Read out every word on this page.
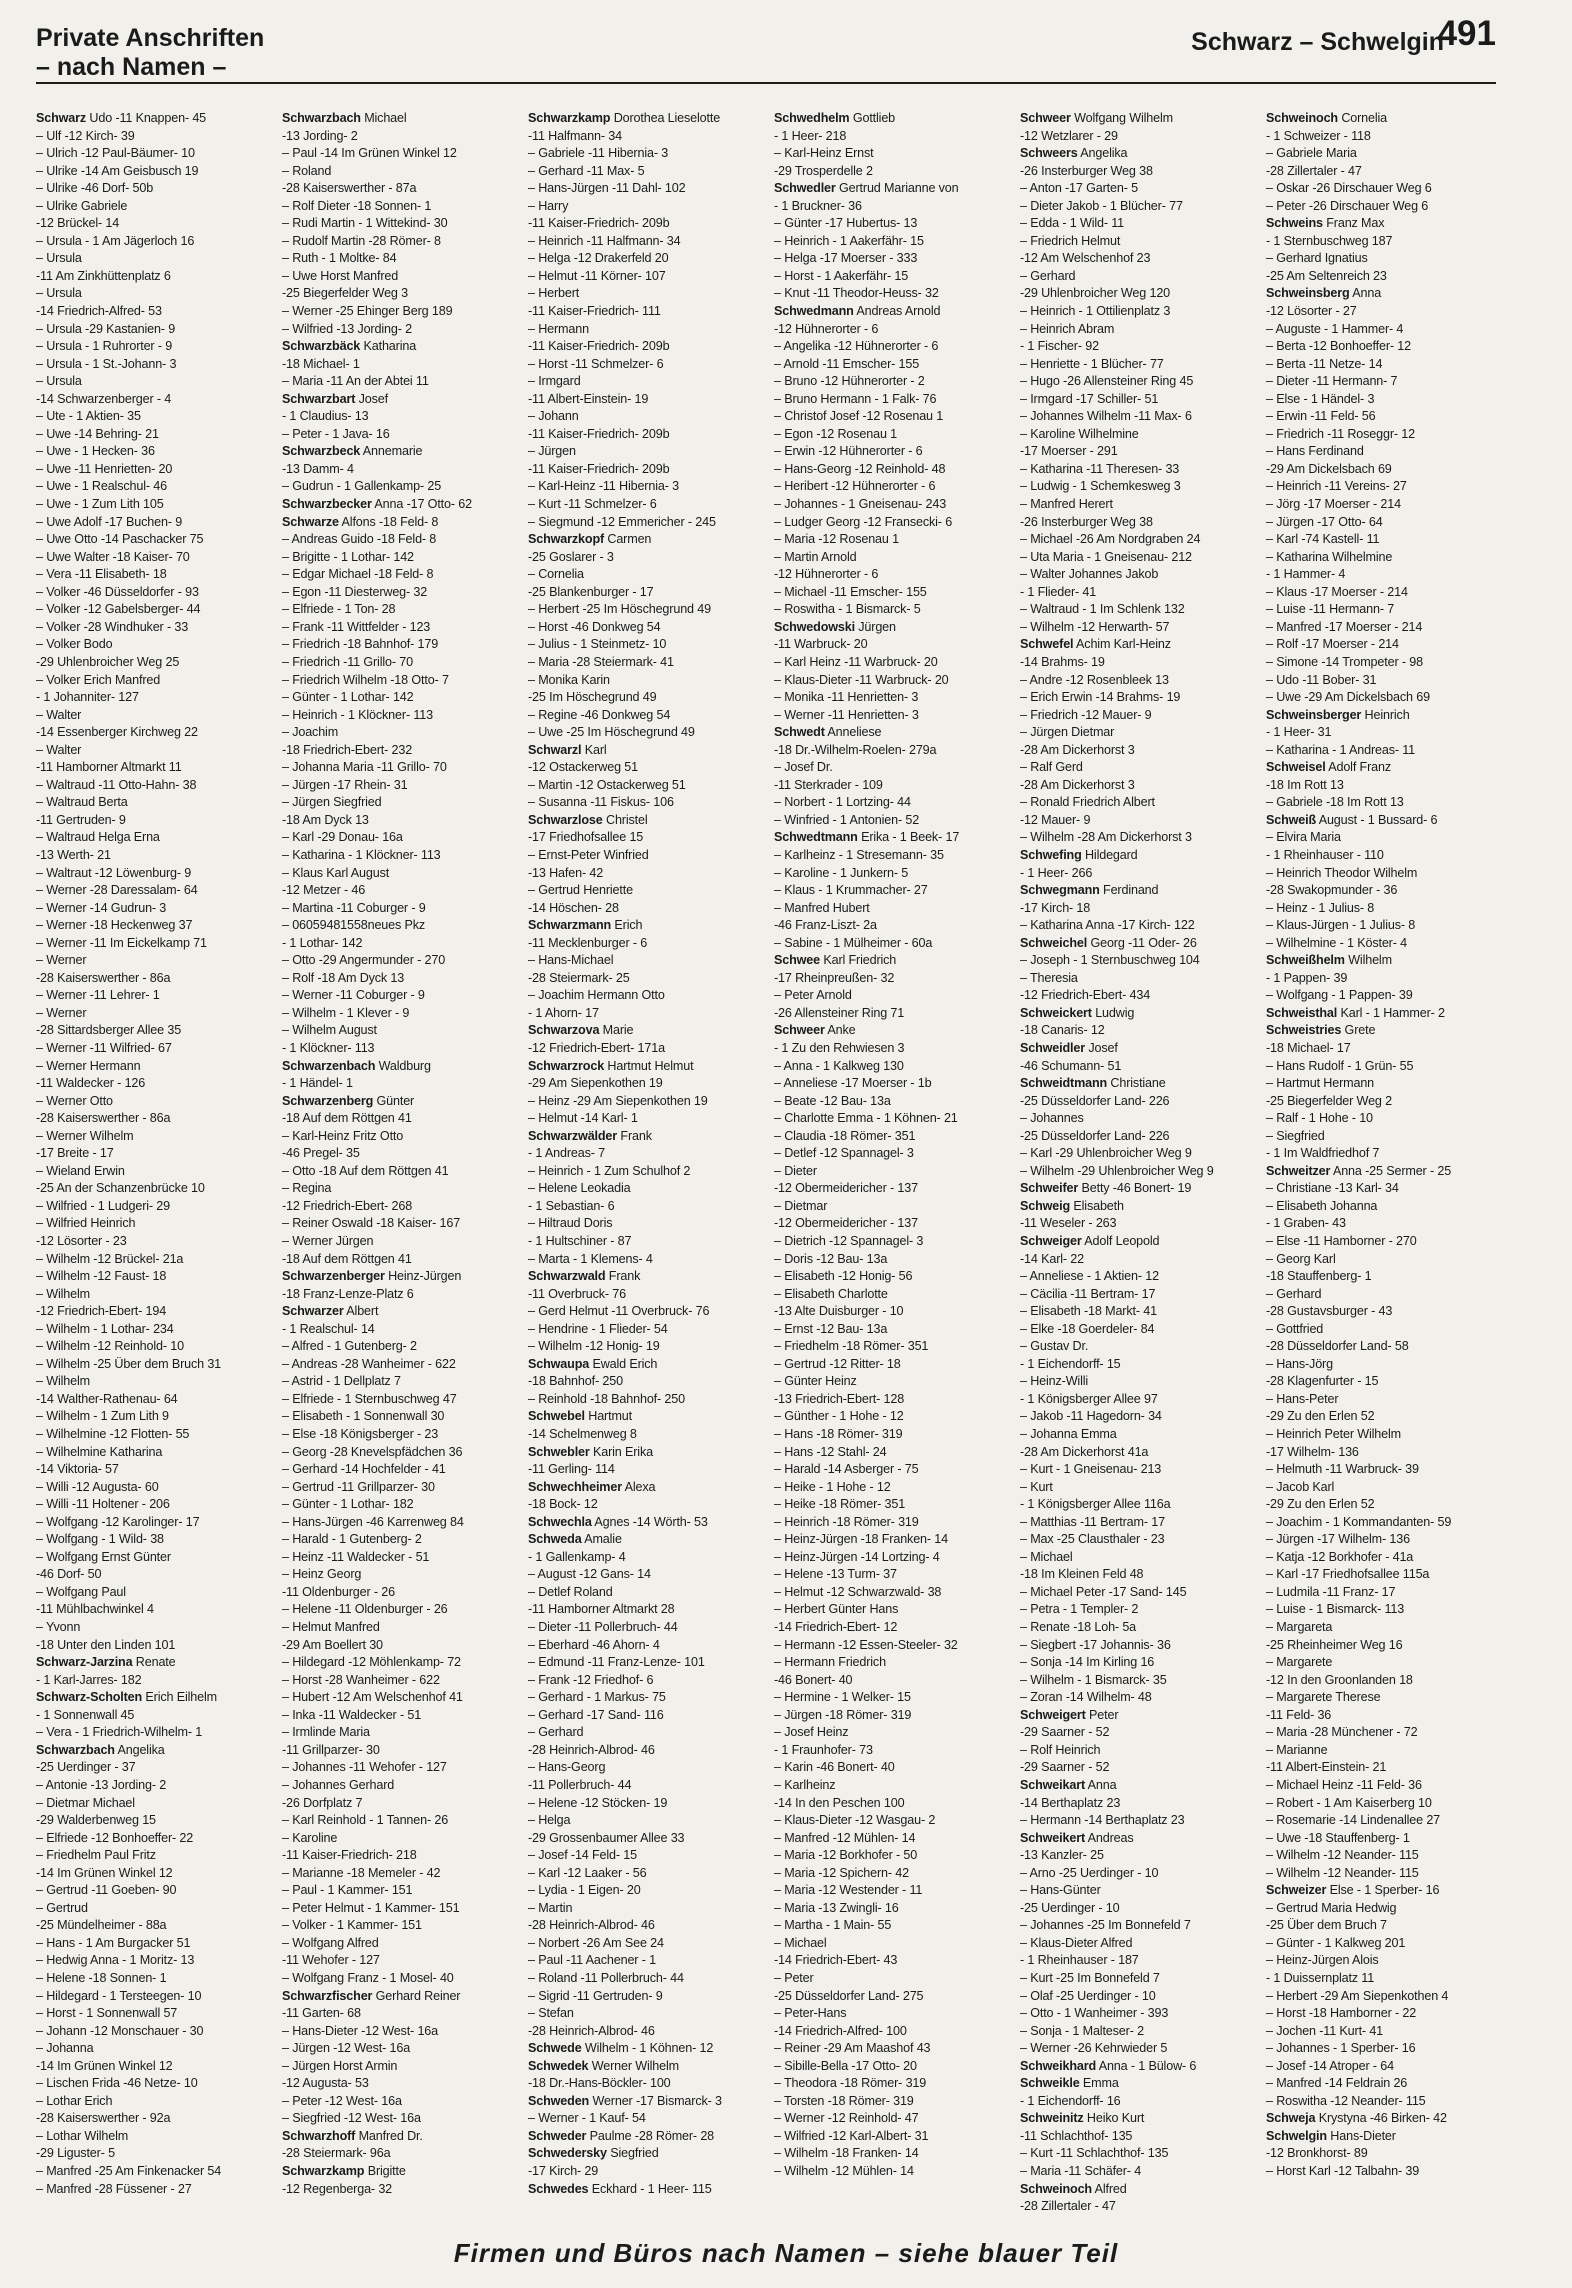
Private Anschriften
– nach Namen –
Schwarz – Schwelgin
491
Schwarz Udo -11 Knappen- 45
– Ulf -12 Kirch- 39
– Ulrich -12 Paul-Bäumer- 10
– Ulrike -14 Am Geisbusch 19
– Ulrike -46 Dorf- 50b
– Ulrike Gabriele
-12 Brückel- 14
– Ursula - 1 Am Jägerloch 16
– Ursula
-11 Am Zinkhüttenplatz 6
– Ursula
-14 Friedrich-Alfred- 53
– Ursula -29 Kastanien- 9
– Ursula - 1 Ruhrorter - 9
– Ursula - 1 St.-Johann- 3
– Ursula
-14 Schwarzenberger - 4
– Ute - 1 Aktien- 35
– Uwe -14 Behring- 21
– Uwe - 1 Hecken- 36
– Uwe -11 Henrietten- 20
– Uwe - 1 Realschul- 46
– Uwe - 1 Zum Lith 105
– Uwe Adolf -17 Buchen- 9
– Uwe Otto -14 Paschacker 75
– Uwe Walter -18 Kaiser- 70
– Vera -11 Elisabeth- 18
– Volker -46 Düsseldorfer - 93
– Volker -12 Gabelsberger- 44
– Volker -28 Windhuker - 33
– Volker Bodo
-29 Uhlenbroicher Weg 25
– Volker Erich Manfred
- 1 Johanniter- 127
– Walter
-14 Essenberger Kirchweg 22
– Walter
-11 Hamborner Altmarkt 11
– Waltraud -11 Otto-Hahn- 38
– Waltraud Berta
-11 Gertruden- 9
– Waltraud Helga Erna
-13 Werth- 21
– Waltraut -12 Löwenburg- 9
– Werner -28 Daressalam- 64
– Werner -14 Gudrun- 3
– Werner -18 Heckenweg 37
– Werner -11 Im Eickelkamp 71
– Werner
-28 Kaiserswerther - 86a
– Werner -11 Lehrer- 1
– Werner
-28 Sittardsberger Allee 35
– Werner -11 Wilfried- 67
– Werner Hermann
-11 Waldecker - 126
– Werner Otto
-28 Kaiserswerther - 86a
– Werner Wilhelm
-17 Breite - 17
– Wieland Erwin
-25 An der Schanzenbrücke 10
– Wilfried - 1 Ludgeri- 29
– Wilfried Heinrich
-12 Lösorter - 23
– Wilhelm -12 Brückel- 21a
– Wilhelm -12 Faust- 18
– Wilhelm
-12 Friedrich-Ebert- 194
– Wilhelm - 1 Lothar- 234
– Wilhelm -12 Reinhold- 10
– Wilhelm -25 Über dem Bruch 31
– Wilhelm
-14 Walther-Rathenau- 64
– Wilhelm - 1 Zum Lith 9
– Wilhelmine -12 Flotten- 55
– Wilhelmine Katharina
-14 Viktoria- 57
– Willi -12 Augusta- 60
– Willi -11 Holtener - 206
– Wolfgang -12 Karolinger- 17
– Wolfgang - 1 Wild- 38
– Wolfgang Ernst Günter
-46 Dorf- 50
– Wolfgang Paul
-11 Mühlbachwinkel 4
– Yvonn
-18 Unter den Linden 101
Schwarz-Jarzina Renate
- 1 Karl-Jarres- 182
Schwarz-Scholten Erich Eilhelm
- 1 Sonnenwall 45
– Vera - 1 Friedrich-Wilhelm- 1
Schwarzbach Angelika
-25 Uerdinger - 37
– Antonie -13 Jording- 2
– Dietmar Michael
-29 Walderbenweg 15
– Elfriede -12 Bonhoeffer- 22
– Friedhelm Paul Fritz
-14 Im Grünen Winkel 12
– Gertrud -11 Goeben- 90
– Gertrud
-25 Mündelheimer - 88a
– Hans - 1 Am Burgacker 51
– Hedwig Anna - 1 Moritz- 13
– Helene -18 Sonnen- 1
– Hildegard - 1 Tersteegen- 10
– Horst - 1 Sonnenwall 57
– Johann -12 Monschauer - 30
– Johanna
-14 Im Grünen Winkel 12
– Lischen Frida -46 Netze- 10
– Lothar Erich
-28 Kaiserswerther - 92a
– Lothar Wilhelm
-29 Liguster- 5
– Manfred -25 Am Finkenacker 54
– Manfred -28 Füssener - 27
Schwarzbach Michael
-13 Jording- 2
– Paul -14 Im Grünen Winkel 12
– Roland
-28 Kaiserswerther - 87a
– Rolf Dieter -18 Sonnen- 1
– Rudi Martin - 1 Wittekind- 30
– Rudolf Martin -28 Römer- 8
– Ruth - 1 Moltke- 84
– Uwe Horst Manfred
-25 Biegerfelder Weg 3
– Werner -25 Ehinger Berg 189
– Wilfried -13 Jording- 2
Schwarzbäck Katharina
-18 Michael- 1
– Maria -11 An der Abtei 11
Schwarzbart Josef
- 1 Claudius- 13
– Peter - 1 Java- 16
Schwarzbeck Annemarie
-13 Damm- 4
– Gudrun - 1 Gallenkamp- 25
Schwarzbecker Anna -17 Otto- 62
Schwarze Alfons -18 Feld- 8
– Andreas Guido -18 Feld- 8
– Brigitte - 1 Lothar- 142
– Edgar Michael -18 Feld- 8
– Egon -11 Diesterweg- 32
– Elfriede - 1 Ton- 28
– Frank -11 Wittfelder - 123
– Friedrich -18 Bahnhof- 179
– Friedrich -11 Grillo- 70
– Friedrich Wilhelm -18 Otto- 7
– Günter - 1 Lothar- 142
– Heinrich - 1 Klöckner- 113
– Joachim
-18 Friedrich-Ebert- 232
– Johanna Maria -11 Grillo- 70
– Jürgen -17 Rhein- 31
– Jürgen Siegfried
-18 Am Dyck 13
– Karl -29 Donau- 16a
– Katharina - 1 Klöckner- 113
– Klaus Karl August
-12 Metzer - 46
– Martina -11 Coburger - 9
– 06059481558neues Pkz
- 1 Lothar- 142
– Otto -29 Angermunder - 270
– Rolf -18 Am Dyck 13
– Werner -11 Coburger - 9
– Wilhelm - 1 Klever - 9
– Wilhelm August
- 1 Klöckner- 113
Schwarzenbach Waldburg
- 1 Händel- 1
Schwarzenberg Günter
-18 Auf dem Röttgen 41
– Karl-Heinz Fritz Otto
-46 Pregel- 35
– Otto -18 Auf dem Röttgen 41
– Regina
-12 Friedrich-Ebert- 268
– Reiner Oswald -18 Kaiser- 167
– Werner Jürgen
-18 Auf dem Röttgen 41
Schwarzenberger Heinz-Jürgen
-18 Franz-Lenze-Platz 6
Schwarzer Albert
- 1 Realschul- 14
– Alfred - 1 Gutenberg- 2
– Andreas -28 Wanheimer - 622
– Astrid - 1 Dellplatz 7
– Elfriede - 1 Sternbuschweg 47
– Elisabeth - 1 Sonnenwall 30
– Else -18 Königsberger - 23
– Georg -28 Knevelspfädchen 36
– Gerhard -14 Hochfelder - 41
– Gertrud -11 Grillparzer- 30
– Günter - 1 Lothar- 182
– Hans-Jürgen -46 Karrenweg 84
– Harald - 1 Gutenberg- 2
– Heinz -11 Waldecker - 51
– Heinz Georg
-11 Oldenburger - 26
– Helene -11 Oldenburger - 26
– Helmut Manfred
-29 Am Boellert 30
– Hildegard -12 Möhlenkamp- 72
– Horst -28 Wanheimer - 622
– Hubert -12 Am Welschenhof 41
– Inka -11 Waldecker - 51
– Irmlinde Maria
-11 Grillparzer- 30
– Johannes -11 Wehofer - 127
– Johannes Gerhard
-26 Dorfplatz 7
– Karl Reinhold - 1 Tannen- 26
– Karoline
-11 Kaiser-Friedrich- 218
– Marianne -18 Memeler - 42
– Paul - 1 Kammer- 151
– Peter Helmut - 1 Kammer- 151
– Volker - 1 Kammer- 151
– Wolfgang Alfred
-11 Wehofer - 127
– Wolfgang Franz - 1 Mosel- 40
Schwarzfischer Gerhard Reiner
-11 Garten- 68
– Hans-Dieter -12 West- 16a
– Jürgen -12 West- 16a
– Jürgen Horst Armin
-12 Augusta- 53
– Peter -12 West- 16a
– Siegfried -12 West- 16a
Schwarzhoff Manfred Dr.
-28 Steiermark- 96a
Schwarzkamp Brigitte
-12 Regenberga- 32
Schwarzkamp Dorothea Lieselotte
-11 Halfmann- 34
– Gabriele -11 Hibernia- 3
– Gerhard -11 Max- 5
– Hans-Jürgen -11 Dahl- 102
– Harry
-11 Kaiser-Friedrich- 209b
– Heinrich -11 Halfmann- 34
– Helga -12 Drakerfeld 20
– Helmut -11 Körner- 107
– Herbert
-11 Kaiser-Friedrich- 111
– Hermann
-11 Kaiser-Friedrich- 209b
– Horst -11 Schmelzer- 6
– Irmgard
-11 Albert-Einstein- 19
– Johann
-11 Kaiser-Friedrich- 209b
– Jürgen
-11 Kaiser-Friedrich- 209b
– Karl-Heinz -11 Hibernia- 3
– Kurt -11 Schmelzer- 6
– Siegmund -12 Emmericher - 245
Schwarzkopf Carmen
-25 Goslarer - 3
– Cornelia
-25 Blankenburger - 17
– Herbert -25 Im Höschegrund 49
– Horst -46 Donkweg 54
– Julius - 1 Steinmetz- 10
– Maria -28 Steiermark- 41
– Monika Karin
-25 Im Höschegrund 49
– Regine -46 Donkweg 54
– Uwe -25 Im Höschegrund 49
Schwarzl Karl
-12 Ostackerweg 51
– Martin -12 Ostackerweg 51
– Susanna -11 Fiskus- 106
Schwarzlose Christel
-17 Friedhofsallee 15
– Ernst-Peter Winfried
-13 Hafen- 42
– Gertrud Henriette
-14 Höschen- 28
Schwarzmann Erich
-11 Mecklenburger - 6
– Hans-Michael
-28 Steiermark- 25
– Joachim Hermann Otto
- 1 Ahorn- 17
Schwarzova Marie
-12 Friedrich-Ebert- 171a
Schwarzrock Hartmut Helmut
-29 Am Siepenkothen 19
– Heinz -29 Am Siepenkothen 19
– Helmut -14 Karl- 1
Schwarzwälder Frank
- 1 Andreas- 7
– Heinrich - 1 Zum Schulhof 2
– Helene Leokadia
- 1 Sebastian- 6
– Hiltraud Doris
- 1 Hultschiner - 87
– Marta - 1 Klemens- 4
Schwarzwald Frank
-11 Overbruck- 76
– Gerd Helmut -11 Overbruck- 76
– Hendrine - 1 Flieder- 54
– Wilhelm -12 Honig- 19
Schwaupa Ewald Erich
-18 Bahnhof- 250
– Reinhold -18 Bahnhof- 250
Schwebel Hartmut
-14 Schelmenweg 8
Schwebler Karin Erika
-11 Gerling- 114
Schwechheimer Alexa
-18 Bock- 12
Schwechla Agnes -14 Wörth- 53
Schweda Amalie
- 1 Gallenkamp- 4
– August -12 Gans- 14
– Detlef Roland
-11 Hamborner Altmarkt 28
– Dieter -11 Pollerbruch- 44
– Eberhard -46 Ahorn- 4
– Edmund -11 Franz-Lenze- 101
– Frank -12 Friedhof- 6
– Gerhard - 1 Markus- 75
– Gerhard -17 Sand- 116
– Gerhard
-28 Heinrich-Albrod- 46
– Hans-Georg
-11 Pollerbruch- 44
– Helene -12 Stöcken- 19
– Helga
-29 Grossenbaumer Allee 33
– Josef -14 Feld- 15
– Karl -12 Laaker - 56
– Lydia - 1 Eigen- 20
– Martin
-28 Heinrich-Albrod- 46
– Norbert -26 Am See 24
– Paul -11 Aachener - 1
– Roland -11 Pollerbruch- 44
– Sigrid -11 Gertruden- 9
– Stefan
-28 Heinrich-Albrod- 46
Schwede Wilhelm - 1 Köhnen- 12
Schwedek Werner Wilhelm
-18 Dr.-Hans-Böckler- 100
Schweden Werner -17 Bismarck- 3
– Werner - 1 Kauf- 54
Schweder Paulme -28 Römer- 28
Schwedersky Siegfried
-17 Kirch- 29
Schwedes Eckhard - 1 Heer- 115
Schwedhelm Gottlieb
- 1 Heer- 218
– Karl-Heinz Ernst
-29 Trosperdelle 2
Schwedler Gertrud Marianne von
- 1 Bruckner- 36
– Günter -17 Hubertus- 13
– Heinrich - 1 Aakerfähr- 15
– Helga -17 Moerser - 333
– Horst - 1 Aakerfähr- 15
– Knut -11 Theodor-Heuss- 32
Schwedmann Andreas Arnold
-12 Hühnerorter - 6
– Angelika -12 Hühnerorter - 6
– Arnold -11 Emscher- 155
– Bruno -12 Hühnerorter - 2
– Bruno Hermann - 1 Falk- 76
– Christof Josef -12 Rosenau 1
– Egon -12 Rosenau 1
– Erwin -12 Hühnerorter - 6
– Hans-Georg -12 Reinhold- 48
– Heribert -12 Hühnerorter - 6
– Johannes - 1 Gneisenau- 243
– Ludger Georg -12 Fransecki- 6
– Maria -12 Rosenau 1
– Martin Arnold
-12 Hühnerorter - 6
– Michael -11 Emscher- 155
– Roswitha - 1 Bismarck- 5
Schwedowski Jürgen
-11 Warbruck- 20
– Karl Heinz -11 Warbruck- 20
– Klaus-Dieter -11 Warbruck- 20
– Monika -11 Henrietten- 3
– Werner -11 Henrietten- 3
Schwedt Anneliese
-18 Dr.-Wilhelm-Roelen- 279a
– Josef Dr.
-11 Sterkrader - 109
– Norbert - 1 Lortzing- 44
– Winfried - 1 Antonien- 52
Schwedtmann Erika - 1 Beek- 17
– Karlheinz - 1 Stresemann- 35
– Karoline - 1 Junkern- 5
– Klaus - 1 Krummacher- 27
– Manfred Hubert
-46 Franz-Liszt- 2a
– Sabine - 1 Mülheimer - 60a
Schwee Karl Friedrich
-17 Rheinpreußen- 32
– Peter Arnold
-26 Allensteiner Ring 71
Schweer Anke
- 1 Zu den Rehwiesen 3
– Anna - 1 Kalkweg 130
– Anneliese -17 Moerser - 1b
– Beate -12 Bau- 13a
– Charlotte Emma - 1 Köhnen- 21
– Claudia -18 Römer- 351
– Detlef -12 Spannagel- 3
– Dieter
-12 Obermeidericher - 137
– Dietmar
-12 Obermeidericher - 137
– Dietrich -12 Spannagel- 3
– Doris -12 Bau- 13a
– Elisabeth -12 Honig- 56
– Elisabeth Charlotte
-13 Alte Duisburger - 10
– Ernst -12 Bau- 13a
– Friedhelm -18 Römer- 351
– Gertrud -12 Ritter- 18
– Günter Heinz
-13 Friedrich-Ebert- 128
– Günther - 1 Hohe - 12
– Hans -18 Römer- 319
– Hans -12 Stahl- 24
– Harald -14 Asberger - 75
– Heike - 1 Hohe - 12
– Heike -18 Römer- 351
– Heinrich -18 Römer- 319
– Heinz-Jürgen -18 Franken- 14
– Heinz-Jürgen -14 Lortzing- 4
– Helene -13 Turm- 37
– Helmut -12 Schwarzwald- 38
– Herbert Günter Hans
-14 Friedrich-Ebert- 12
– Hermann -12 Essen-Steeler- 32
– Hermann Friedrich
-46 Bonert- 40
– Hermine - 1 Welker- 15
– Jürgen -18 Römer- 319
– Josef Heinz
- 1 Fraunhofer- 73
– Karin -46 Bonert- 40
– Karlheinz
-14 In den Peschen 100
– Klaus-Dieter -12 Wasgau- 2
– Manfred -12 Mühlen- 14
– Maria -12 Borkhofer - 50
– Maria -12 Spichern- 42
– Maria -12 Westender - 11
– Maria -13 Zwingli- 16
– Martha - 1 Main- 55
– Michael
-14 Friedrich-Ebert- 43
– Peter
-25 Düsseldorfer Land- 275
– Peter-Hans
-14 Friedrich-Alfred- 100
– Reiner -29 Am Maashof 43
– Sibille-Bella -17 Otto- 20
– Theodora -18 Römer- 319
– Torsten -18 Römer- 319
– Werner -12 Reinhold- 47
– Wilfried -12 Karl-Albert- 31
– Wilhelm -18 Franken- 14
– Wilhelm -12 Mühlen- 14
Schweer Wolfgang Wilhelm
-12 Wetzlarer - 29
Schweers Angelika
-26 Insterburger Weg 38
– Anton -17 Garten- 5
– Dieter Jakob - 1 Blücher- 77
– Edda - 1 Wild- 11
– Friedrich Helmut
-12 Am Welschenhof 23
– Gerhard
-29 Uhlenbroicher Weg 120
– Heinrich - 1 Ottilienplatz 3
– Heinrich Abram
- 1 Fischer- 92
– Henriette - 1 Blücher- 77
– Hugo -26 Allensteiner Ring 45
– Irmgard -17 Schiller- 51
– Johannes Wilhelm -11 Max- 6
– Karoline Wilhelmine
-17 Moerser - 291
– Katharina -11 Theresen- 33
– Ludwig - 1 Schemkesweg 3
– Manfred Herert
-26 Insterburger Weg 38
– Michael -26 Am Nordgraben 24
– Uta Maria - 1 Gneisenau- 212
– Walter Johannes Jakob
- 1 Flieder- 41
– Waltraud - 1 Im Schlenk 132
– Wilhelm -12 Herwarth- 57
Schwefel Achim Karl-Heinz
-14 Brahms- 19
– Andre -12 Rosenbleek 13
– Erich Erwin -14 Brahms- 19
– Friedrich -12 Mauer- 9
– Jürgen Dietmar
-28 Am Dickerhorst 3
– Ralf Gerd
-28 Am Dickerhorst 3
– Ronald Friedrich Albert
-12 Mauer- 9
– Wilhelm -28 Am Dickerhorst 3
Schwefing Hildegard
- 1 Heer- 266
Schwegmann Ferdinand
-17 Kirch- 18
– Katharina Anna -17 Kirch- 122
Schweichel Georg -11 Oder- 26
– Joseph - 1 Sternbuschweg 104
– Theresia
-12 Friedrich-Ebert- 434
Schweickert Ludwig
-18 Canaris- 12
Schweidler Josef
-46 Schumann- 51
Schweidtmann Christiane
-25 Düsseldorfer Land- 226
– Johannes
-25 Düsseldorfer Land- 226
– Karl -29 Uhlenbroicher Weg 9
– Wilhelm -29 Uhlenbroicher Weg 9
Schweifer Betty -46 Bonert- 19
Schweig Elisabeth
-11 Weseler - 263
Schweiger Adolf Leopold
-14 Karl- 22
– Anneliese - 1 Aktien- 12
– Cäcilia -11 Bertram- 17
– Elisabeth -18 Markt- 41
– Elke -18 Goerdeler- 84
– Gustav Dr.
- 1 Eichendorff- 15
– Heinz-Willi
- 1 Königsberger Allee 97
– Jakob -11 Hagedorn- 34
– Johanna Emma
-28 Am Dickerhorst 41a
– Kurt - 1 Gneisenau- 213
– Kurt
- 1 Königsberger Allee 116a
– Matthias -11 Bertram- 17
– Max -25 Clausthaler - 23
– Michael
-18 Im Kleinen Feld 48
– Michael Peter -17 Sand- 145
– Petra - 1 Templer- 2
– Renate -18 Loh- 5a
– Siegbert -17 Johannis- 36
– Sonja -14 Im Kirling 16
– Wilhelm - 1 Bismarck- 35
– Zoran -14 Wilhelm- 48
Schweigert Peter
-29 Saarner - 52
– Rolf Heinrich
-29 Saarner - 52
Schweikart Anna
-14 Berthaplatz 23
– Hermann -14 Berthaplatz 23
Schweikert Andreas
-13 Kanzler- 25
– Arno -25 Uerdinger - 10
– Hans-Günter
-25 Uerdinger - 10
– Johannes -25 Im Bonnefeld 7
– Klaus-Dieter Alfred
- 1 Rheinhauser - 187
– Kurt -25 Im Bonnefeld 7
– Olaf -25 Uerdinger - 10
– Otto - 1 Wanheimer - 393
– Sonja - 1 Malteser- 2
– Werner -26 Kehrwieder 5
Schweikhard Anna - 1 Bülow- 6
Schweikle Emma
- 1 Eichendorff- 16
Schweinitz Heiko Kurt
-11 Schlachthof- 135
– Kurt -11 Schlachthof- 135
– Maria -11 Schäfer- 4
Schweinoch Alfred
-28 Zillertaler - 47
Schweinoch Cornelia
- 1 Schweizer - 118
– Gabriele Maria
-28 Zillertaler - 47
– Oskar -26 Dirschauer Weg 6
– Peter -26 Dirschauer Weg 6
Schweins Franz Max
- 1 Sternbuschweg 187
– Gerhard Ignatius
-25 Am Seltenreich 23
Schweinsberg Anna
-12 Lösorter - 27
– Auguste - 1 Hammer- 4
– Berta -12 Bonhoeffer- 12
– Berta -11 Netze- 14
– Dieter -11 Hermann- 7
– Else - 1 Händel- 3
– Erwin -11 Feld- 56
– Friedrich -11 Roseggr- 12
– Hans Ferdinand
-29 Am Dickelsbach 69
– Heinrich -11 Vereins- 27
– Jörg -17 Moerser - 214
– Jürgen -17 Otto- 64
– Karl -74 Kastell- 11
– Katharina Wilhelmine
- 1 Hammer- 4
– Klaus -17 Moerser - 214
– Luise -11 Hermann- 7
– Manfred -17 Moerser - 214
– Rolf -17 Moerser - 214
– Simone -14 Trompeter - 98
– Udo -11 Bober- 31
– Uwe -29 Am Dickelsbach 69
Schweinsberger Heinrich
- 1 Heer- 31
– Katharina - 1 Andreas- 11
Schweisel Adolf Franz
-18 Im Rott 13
– Gabriele -18 Im Rott 13
Schweiß August - 1 Bussard- 6
– Elvira Maria
- 1 Rheinhauser - 110
– Heinrich Theodor Wilhelm
-28 Swakopmunder - 36
– Heinz - 1 Julius- 8
– Klaus-Jürgen - 1 Julius- 8
– Wilhelmine - 1 Köster- 4
Schweißhelm Wilhelm
- 1 Pappen- 39
– Wolfgang - 1 Pappen- 39
Schweisthal Karl - 1 Hammer- 2
Schweistries Grete
-18 Michael- 17
– Hans Rudolf - 1 Grün- 55
– Hartmut Hermann
-25 Biegerfelder Weg 2
– Ralf - 1 Hohe - 10
– Siegfried
- 1 Im Waldfriedhof 7
Schweitzer Anna -25 Sermer - 25
– Christiane -13 Karl- 34
– Elisabeth Johanna
- 1 Graben- 43
– Else -11 Hamborner - 270
– Georg Karl
-18 Stauffenberg- 1
– Gerhard
-28 Gustavsburger - 43
– Gottfried
-28 Düsseldorfer Land- 58
– Hans-Jörg
-28 Klagenfurter - 15
– Hans-Peter
-29 Zu den Erlen 52
– Heinrich Peter Wilhelm
-17 Wilhelm- 136
– Helmuth -11 Warbruck- 39
– Jacob Karl
-29 Zu den Erlen 52
– Joachim - 1 Kommandanten- 59
– Jürgen -17 Wilhelm- 136
– Katja -12 Borkhofer - 41a
– Karl -17 Friedhofsallee 115a
– Ludmila -11 Franz- 17
– Luise - 1 Bismarck- 113
– Margareta
-25 Rheinheimer Weg 16
– Margarete
-12 In den Groonlanden 18
– Margarete Therese
-11 Feld- 36
– Maria -28 Münchener - 72
– Marianne
-11 Albert-Einstein- 21
– Michael Heinz -11 Feld- 36
– Robert - 1 Am Kaiserberg 10
– Rosemarie -14 Lindenallee 27
– Uwe -18 Stauffenberg- 1
– Wilhelm -12 Neander- 115
– Wilhelm -12 Neander- 115
Schweizer Else - 1 Sperber- 16
– Gertrud Maria Hedwig
-25 Über dem Bruch 7
– Günter - 1 Kalkweg 201
– Heinz-Jürgen Alois
- 1 Duissernplatz 11
– Herbert -29 Am Siepenkothen 4
– Horst -18 Hamborner - 22
– Jochen -11 Kurt- 41
– Johannes - 1 Sperber- 16
– Josef -14 Atroper - 64
– Manfred -14 Feldrain 26
– Roswitha -12 Neander- 115
Schweja Krystyna -46 Birken- 42
Schwelgin Hans-Dieter
-12 Bronkhorst- 89
– Horst Karl -12 Talbahn- 39
Firmen und Büros nach Namen – siehe blauer Teil
